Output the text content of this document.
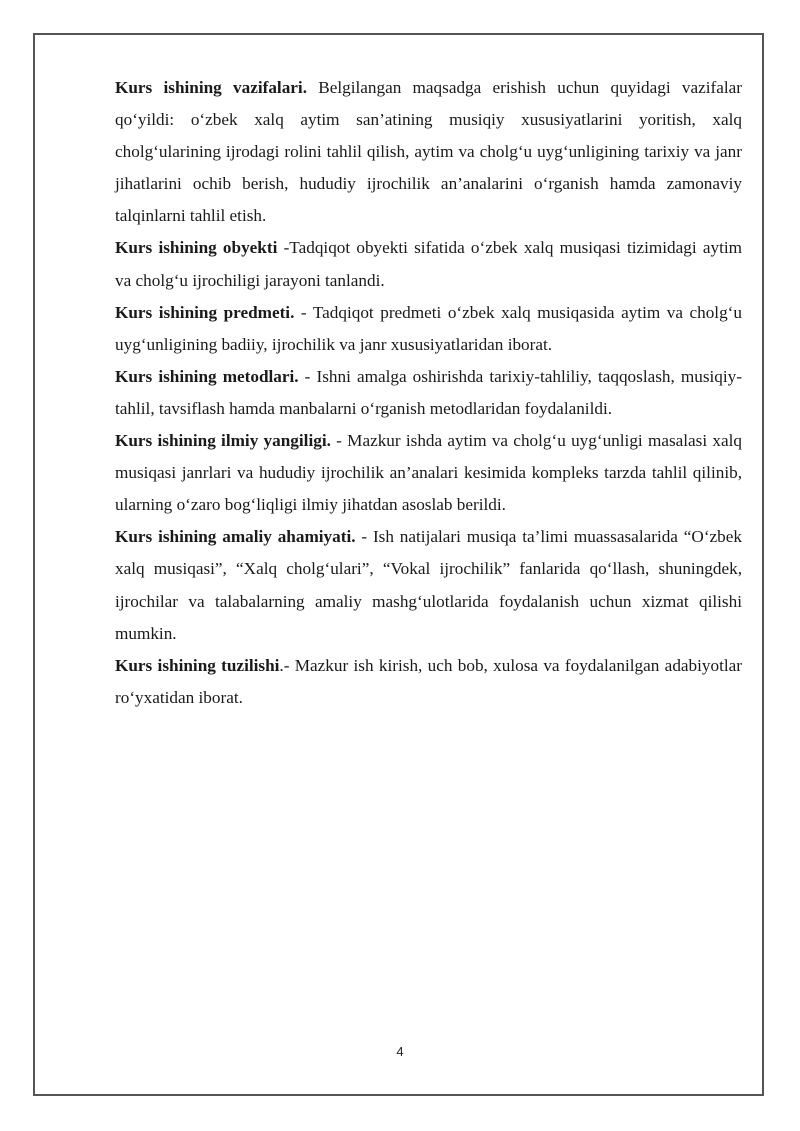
Kurs ishining vazifalari. Belgilangan maqsadga erishish uchun quyidagi vazifalar qo‘yildi: o‘zbek xalq aytim san’atining musiqiy xususiyatlarini yoritish, xalq cholg‘ularining ijrodagi rolini tahlil qilish, aytim va cholg‘u uyg‘unligining tarixiy va janr jihatlarini ochib berish, hududiy ijrochilik an’analarini o‘rganish hamda zamonaviy talqinlarni tahlil etish.

Kurs ishining obyekti -Tadqiqot obyekti sifatida o‘zbek xalq musiqasi tizimidagi aytim va cholg‘u ijrochiligi jarayoni tanlandi.

Kurs ishining predmeti. - Tadqiqot predmeti o‘zbek xalq musiqasida aytim va cholg‘u uyg‘unligining badiiy, ijrochilik va janr xususiyatlaridan iborat.

Kurs ishining metodlari. - Ishni amalga oshirishda tarixiy-tahliliy, taqqoslash, musiqiy-tahlil, tavsiflash hamda manbalarni o‘rganish metodlaridan foydalanildi.

Kurs ishining ilmiy yangiligi. - Mazkur ishda aytim va cholg‘u uyg‘unligi masalasi xalq musiqasi janrlari va hududiy ijrochilik an’analari kesimida kompleks tarzda tahlil qilinib, ularning o‘zaro bog‘liqligi ilmiy jihatdan asoslab berildi.

Kurs ishining amaliy ahamiyati. - Ish natijalari musiqa ta’limi muassasalarida “O‘zbek xalq musiqasi”, “Xalq cholg‘ulari”, “Vokal ijrochilik” fanlarida qo‘llash, shuningdek, ijrochilar va talabalarning amaliy mashg‘ulotlarida foydalanish uchun xizmat qilishi mumkin.

Kurs ishining tuzilishi.- Mazkur ish kirish, uch bob, xulosa va foydalanilgan adabiyotlar ro‘yxatidan iborat.

4
